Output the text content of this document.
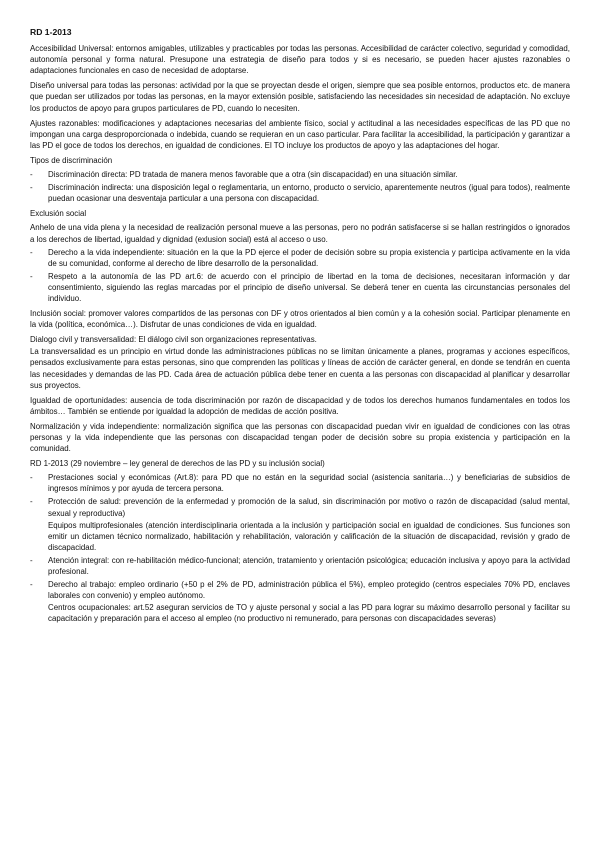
RD 1-2013

Accesibilidad Universal: entornos amigables, utilizables y practicables por todas las personas. Accesibilidad de carácter colectivo, seguridad y comodidad, autonomía personal y forma natural. Presupone una estrategia de diseño para todos y si es necesario, se pueden hacer ajustes razonables o adaptaciones funcionales en caso de necesidad de adoptarse.

Diseño universal para todas las personas: actividad por la que se proyectan desde el origen, siempre que sea posible entornos, productos etc. de manera que puedan ser utilizados por todas las personas, en la mayor extensión posible, satisfaciendo las necesidades sin necesidad de adaptación. No excluye los productos de apoyo para grupos particulares de PD, cuando lo necesiten.

Ajustes razonables: modificaciones y adaptaciones necesarias del ambiente físico, social y actitudinal a las necesidades específicas de las PD que no impongan una carga desproporcionada o indebida, cuando se requieran en un caso particular. Para facilitar la accesibilidad, la participación y garantizar a las PD el goce de todos los derechos, en igualdad de condiciones. El TO incluye los productos de apoyo y las adaptaciones del hogar.

Tipos de discriminación
- Discriminación directa: PD tratada de manera menos favorable que a otra (sin discapacidad) en una situación similar.
- Discriminación indirecta: una disposición legal o reglamentaria, un entorno, producto o servicio, aparentemente neutros (igual para todos), realmente puedan ocasionar una desventaja particular a una persona con discapacidad.
Exclusión social

Anhelo de una vida plena y la necesidad de realización personal mueve a las personas, pero no podrán satisfacerse si se hallan restringidos o ignorados a los derechos de libertad, igualdad y dignidad (exlusion social) está al acceso o uso.

- Derecho a la vida independiente: situación en la que la PD ejerce el poder de decisión sobre su propia existencia y participa activamente en la vida de su comunidad, conforme al derecho de libre desarrollo de la personalidad.
- Respeto a la autonomía de las PD art.6: de acuerdo con el principio de libertad en la toma de decisiones, necesitaran información y dar consentimiento, siguiendo las reglas marcadas por el principio de diseño universal. Se deberá tener en cuenta las circunstancias personales del individuo.

Inclusión social: promover valores compartidos de las personas con DF y otros orientados al bien común y a la cohesión social. Participar plenamente en la vida (política, económica…). Disfrutar de unas condiciones de vida en igualdad.

Dialogo civil y transversalidad: El diálogo civil son organizaciones representativas.

La transversalidad es un principio en virtud donde las administraciones públicas no se limitan únicamente a planes, programas y acciones específicos, pensados exclusivamente para estas personas, sino que comprenden las políticas y líneas de acción de carácter general, en donde se tendrán en cuenta las necesidades y demandas de las PD. Cada área de actuación pública debe tener en cuenta a las personas con discapacidad al planificar y desarrollar sus proyectos.

Igualdad de oportunidades: ausencia de toda discriminación por razón de discapacidad y de todos los derechos humanos fundamentales en todos los ámbitos… También se entiende por igualdad la adopción de medidas de acción positiva.

Normalización y vida independiente: normalización significa que las personas con discapacidad puedan vivir en igualdad de condiciones con las otras personas y la vida independiente que las personas con discapacidad tengan poder de decisión sobre su propia existencia y participación en la comunidad.

RD 1-2013 (29 noviembre – ley general de derechos de las PD y su inclusión social)
- Prestaciones social y económicas (Art.8): para PD que no están en la seguridad social (asistencia sanitaria…) y beneficiarias de subsidios de ingresos mínimos y por ayuda de tercera persona.
- Protección de salud: prevención de la enfermedad y promoción de la salud, sin discriminación por motivo o razón de discapacidad (salud mental, sexual y reproductiva)
Equipos multiprofesionales (atención interdisciplinaria orientada a la inclusión y participación social en igualdad de condiciones. Sus funciones son emitir un dictamen técnico normalizado, habilitación y rehabilitación, valoración y calificación de la situación de discapacidad, revisión y grado de discapacidad.
- Atención integral: con re-habilitación médico-funcional; atención, tratamiento y orientación psicológica; educación inclusiva y apoyo para la actividad profesional.
- Derecho al trabajo: empleo ordinario (+50 p el 2% de PD, administración pública el 5%), empleo protegido (centros especiales 70% PD, enclaves laborales con convenio) y empleo autónomo.
Centros ocupacionales: art.52 aseguran servicios de TO y ajuste personal y social a las PD para lograr su máximo desarrollo personal y facilitar su capacitación y preparación para el acceso al empleo (no productivo ni remunerado, para personas con discapacidades severas)
